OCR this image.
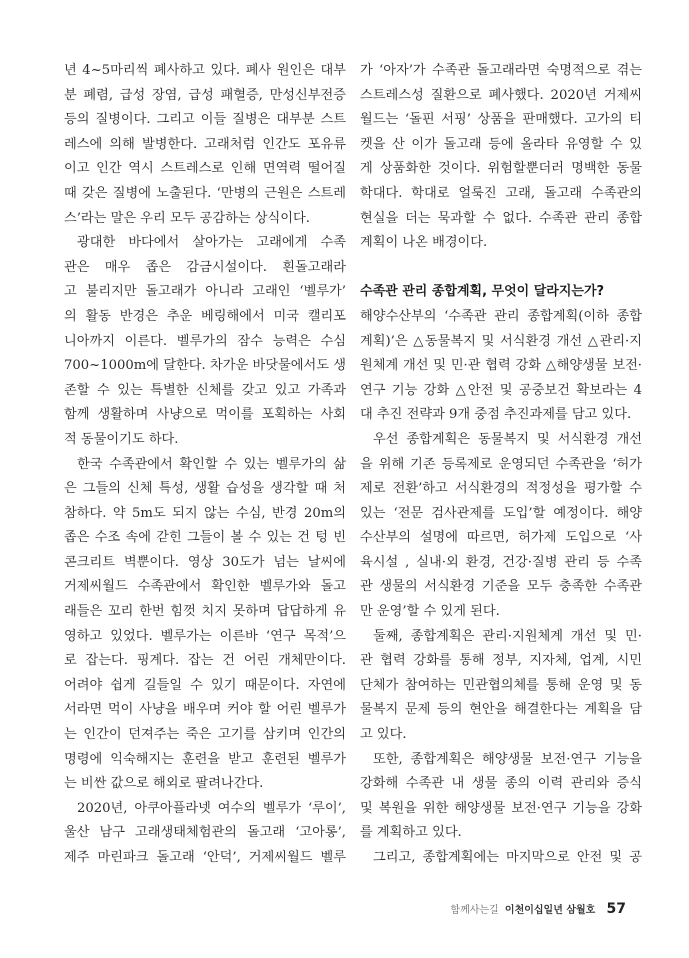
년 4~5마리씩 폐사하고 있다. 폐사 원인은 대부
분 폐렴, 급성 장염, 급성 패혈증, 만성신부전증
등의 질병이다. 그리고 이들 질병은 대부분 스트
레스에 의해 발병한다. 고래처럼 인간도 포유류
이고 인간 역시 스트레스로 인해 면역력 떨어질
때 갖은 질병에 노출된다. ‘만병의 근원은 스트레
스’라는 말은 우리 모두 공감하는 상식이다.
광대한 바다에서 살아가는 고래에게 수족
관은 매우 좁은 감금시설이다. 흰돌고래라
고 불리지만 돌고래가 아니라 고래인 ‘벨루가’
의 활동 반경은 추운 베링해에서 미국 캘리포
니아까지 이른다. 벨루가의 잠수 능력은 수심
700~1000m에 달한다. 차가운 바닷물에서도 생
존할 수 있는 특별한 신체를 갖고 있고 가족과
함께 생활하며 사냥으로 먹이를 포획하는 사회
적 동물이기도 하다.
한국 수족관에서 확인할 수 있는 벨루가의 삶
은 그들의 신체 특성, 생활 습성을 생각할 때 처
참하다. 약 5m도 되지 않는 수심, 반경 20m의
좁은 수조 속에 갇힌 그들이 볼 수 있는 건 텅 빈
콘크리트 벽뿐이다. 영상 30도가 넘는 날씨에
거제씨월드 수족관에서 확인한 벨루가와 돌고
래들은 꼬리 한번 힘껏 치지 못하며 답답하게 유
영하고 있었다. 벨루가는 이른바 ‘연구 목적’으
로 잡는다. 핑계다. 잡는 건 어린 개체만이다.
어려야 쉽게 길들일 수 있기 때문이다. 자연에
서라면 먹이 사냥을 배우며 커야 할 어린 벨루가
는 인간이 던져주는 죽은 고기를 삼키며 인간의
명령에 익숙해지는 훈련을 받고 훈련된 벨루가
는 비싼 값으로 해외로 팔려나간다.
2020년, 아쿠아플라넷 여수의 벨루가 ‘루이’,
울산 남구 고래생태체험관의 돌고래 ‘고아롱’,
제주 마린파크 돌고래 ‘안덕’, 거제씨월드 벨루
가 ‘아자’가 수족관 돌고래라면 숙명적으로 겪는
스트레스성 질환으로 폐사했다. 2020년 거제씨
월드는 ‘돌핀 서핑’ 상품을 판매했다. 고가의 티
켓을 산 이가 돌고래 등에 올라타 유영할 수 있
게 상품화한 것이다. 위험할뿐더러 명백한 동물
학대다. 학대로 얼룩진 고래, 돌고래 수족관의
현실을 더는 묵과할 수 없다. 수족관 관리 종합
계획이 나온 배경이다.
수족관 관리 종합계획, 무엇이 달라지는가?
해양수산부의 ‘수족관 관리 종합계획(이하 종합
계획)’은 △동물복지 및 서식환경 개선 △관리·지
원체계 개선 및 민·관 협력 강화 △해양생물 보전·
연구 기능 강화 △안전 및 공중보건 확보라는 4
대 추진 전략과 9개 중점 추진과제를 담고 있다.
우선 종합계획은 동물복지 및 서식환경 개선
을 위해 기존 등록제로 운영되던 수족관을 ‘허가
제로 전환’하고 서식환경의 적정성을 평가할 수
있는 ‘전문 검사관제를 도입’할 예정이다. 해양
수산부의 설명에 따르면, 허가제 도입으로 ‘사
육시설 , 실내·외 환경, 건강·질병 관리 등 수족
관 생물의 서식환경 기준을 모두 충족한 수족관
만 운영’할 수 있게 된다.
둘째, 종합계획은 관리·지원체계 개선 및 민·
관 협력 강화를 통해 정부, 지자체, 업계, 시민
단체가 참여하는 민관협의체를 통해 운영 및 동
물복지 문제 등의 현안을 해결한다는 계획을 담
고 있다.
또한, 종합계획은 해양생물 보전·연구 기능을
강화해 수족관 내 생물 종의 이력 관리와 증식
및 복원을 위한 해양생물 보전·연구 기능을 강화
를 계획하고 있다.
그리고, 종합계획에는 마지막으로 안전 및 공
함께사는길 이천이십일년 삼월호 57
